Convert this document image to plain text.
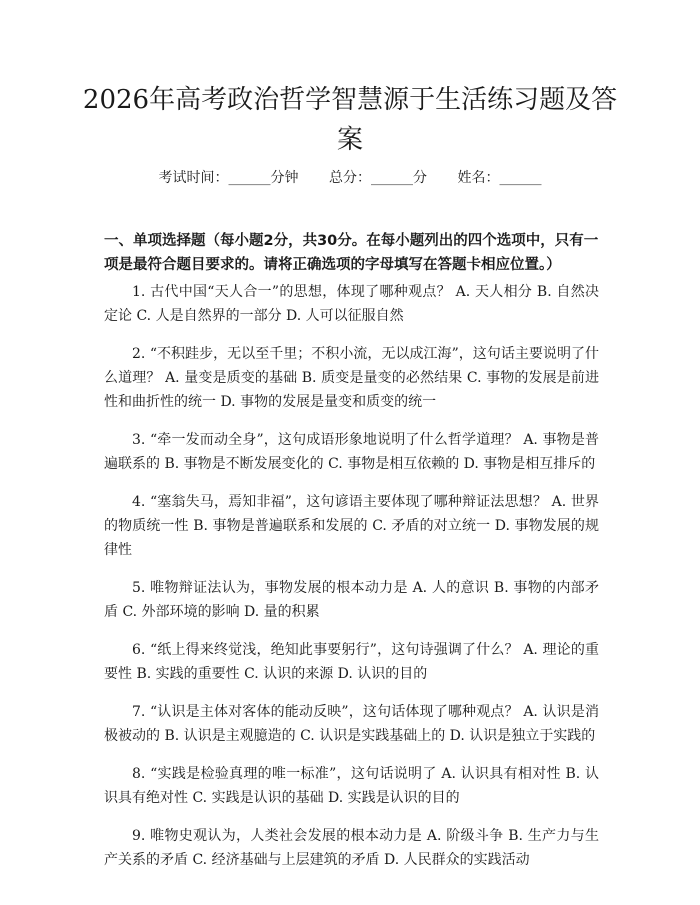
2026年高考政治哲学智慧源于生活练习题及答案
考试时间：______分钟 总分：______分 姓名：______

一、单项选择题（每小题2分，共30分。在每小题列出的四个选项中，只有一项是最符合题目要求的。请将正确选项的字母填写在答题卡相应位置。）

1. 古代中国“天人合一”的思想，体现了哪种观点？ A. 天人相分 B. 自然决定论 C. 人是自然界的一部分 D. 人可以征服自然

2. “不积跬步，无以至千里；不积小流，无以成江海”，这句话主要说明了什么道理？ A. 量变是质变的基础 B. 质变是量变的必然结果 C. 事物的发展是前进性和曲折性的统一 D. 事物的发展是量变和质变的统一

3. “牵一发而动全身”，这句成语形象地说明了什么哲学道理？ A. 事物是普遍联系的 B. 事物是不断发展变化的 C. 事物是相互依赖的 D. 事物是相互排斥的

4. “塞翁失马，焉知非福”，这句谚语主要体现了哪种辩证法思想？ A. 世界的物质统一性 B. 事物是普遍联系和发展的 C. 矛盾的对立统一 D. 事物发展的规律性

5. 唯物辩证法认为，事物发展的根本动力是 A. 人的意识 B. 事物的内部矛盾 C. 外部环境的影响 D. 量的积累

6. “纸上得来终觉浅，绝知此事要躬行”，这句诗强调了什么？ A. 理论的重要性 B. 实践的重要性 C. 认识的来源 D. 认识的目的

7. “认识是主体对客体的能动反映”，这句话体现了哪种观点？ A. 认识是消极被动的 B. 认识是主观臆造的 C. 认识是实践基础上的 D. 认识是独立于实践的

8. “实践是检验真理的唯一标准”，这句话说明了 A. 认识具有相对性 B. 认识具有绝对性 C. 实践是认识的基础 D. 实践是认识的目的

9. 唯物史观认为，人类社会发展的根本动力是 A. 阶级斗争 B. 生产力与生产关系的矛盾 C. 经济基础与上层建筑的矛盾 D. 人民群众的实践活动
